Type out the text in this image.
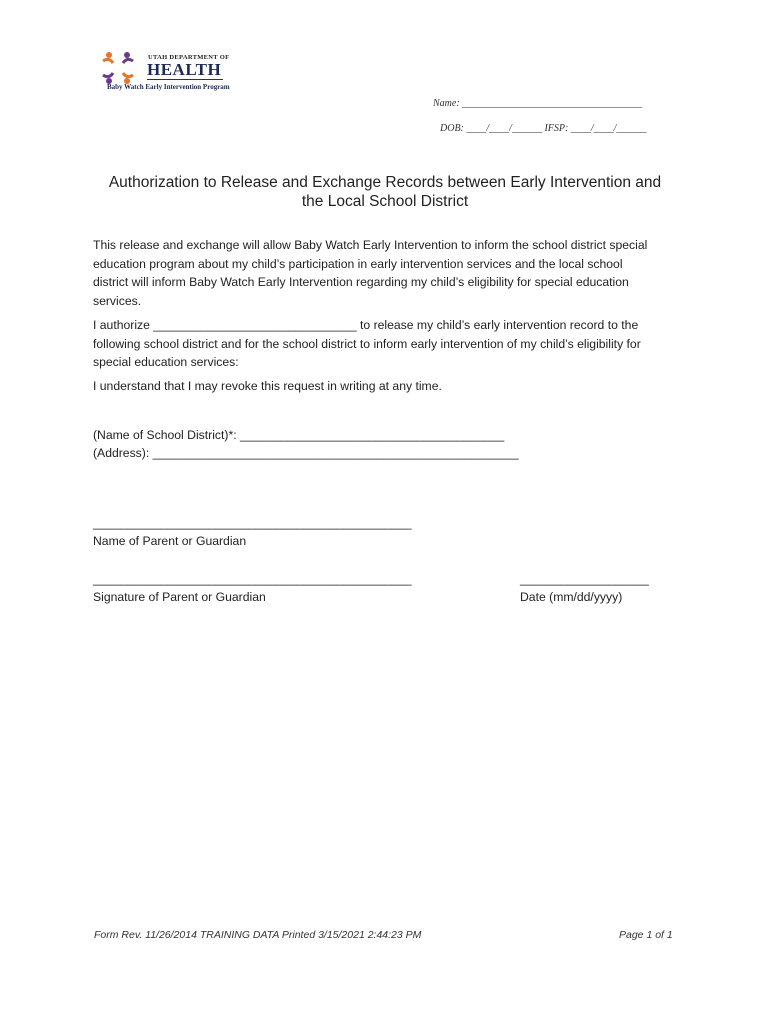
UTAH DEPARTMENT OF
HEALTH
Baby Watch Early Intervention Program
Name: ____________________________________
DOB: ____/____/______ IFSP: ____/____/______
Authorization to Release and Exchange Records between Early Intervention and
the Local School District
This release and exchange will allow Baby Watch Early Intervention to inform the school district special
education program about my child’s participation in early intervention services and the local school
district will inform Baby Watch Early Intervention regarding my child’s eligibility for special education
services.
I authorize ______________________________ to release my child’s early intervention record to the
following school district and for the school district to inform early intervention of my child’s eligibility for
special education services:
I understand that I may revoke this request in writing at any time.
(Name of School District)*: _______________________________________
(Address): ______________________________________________________
_______________________________________________
Name of Parent or Guardian
_______________________________________________
Signature of Parent or Guardian
___________________
Date (mm/dd/yyyy)
Form Rev. 11/26/2014 TRAINING DATA Printed 3/15/2021 2:44:23 PM	Page 1 of 1
